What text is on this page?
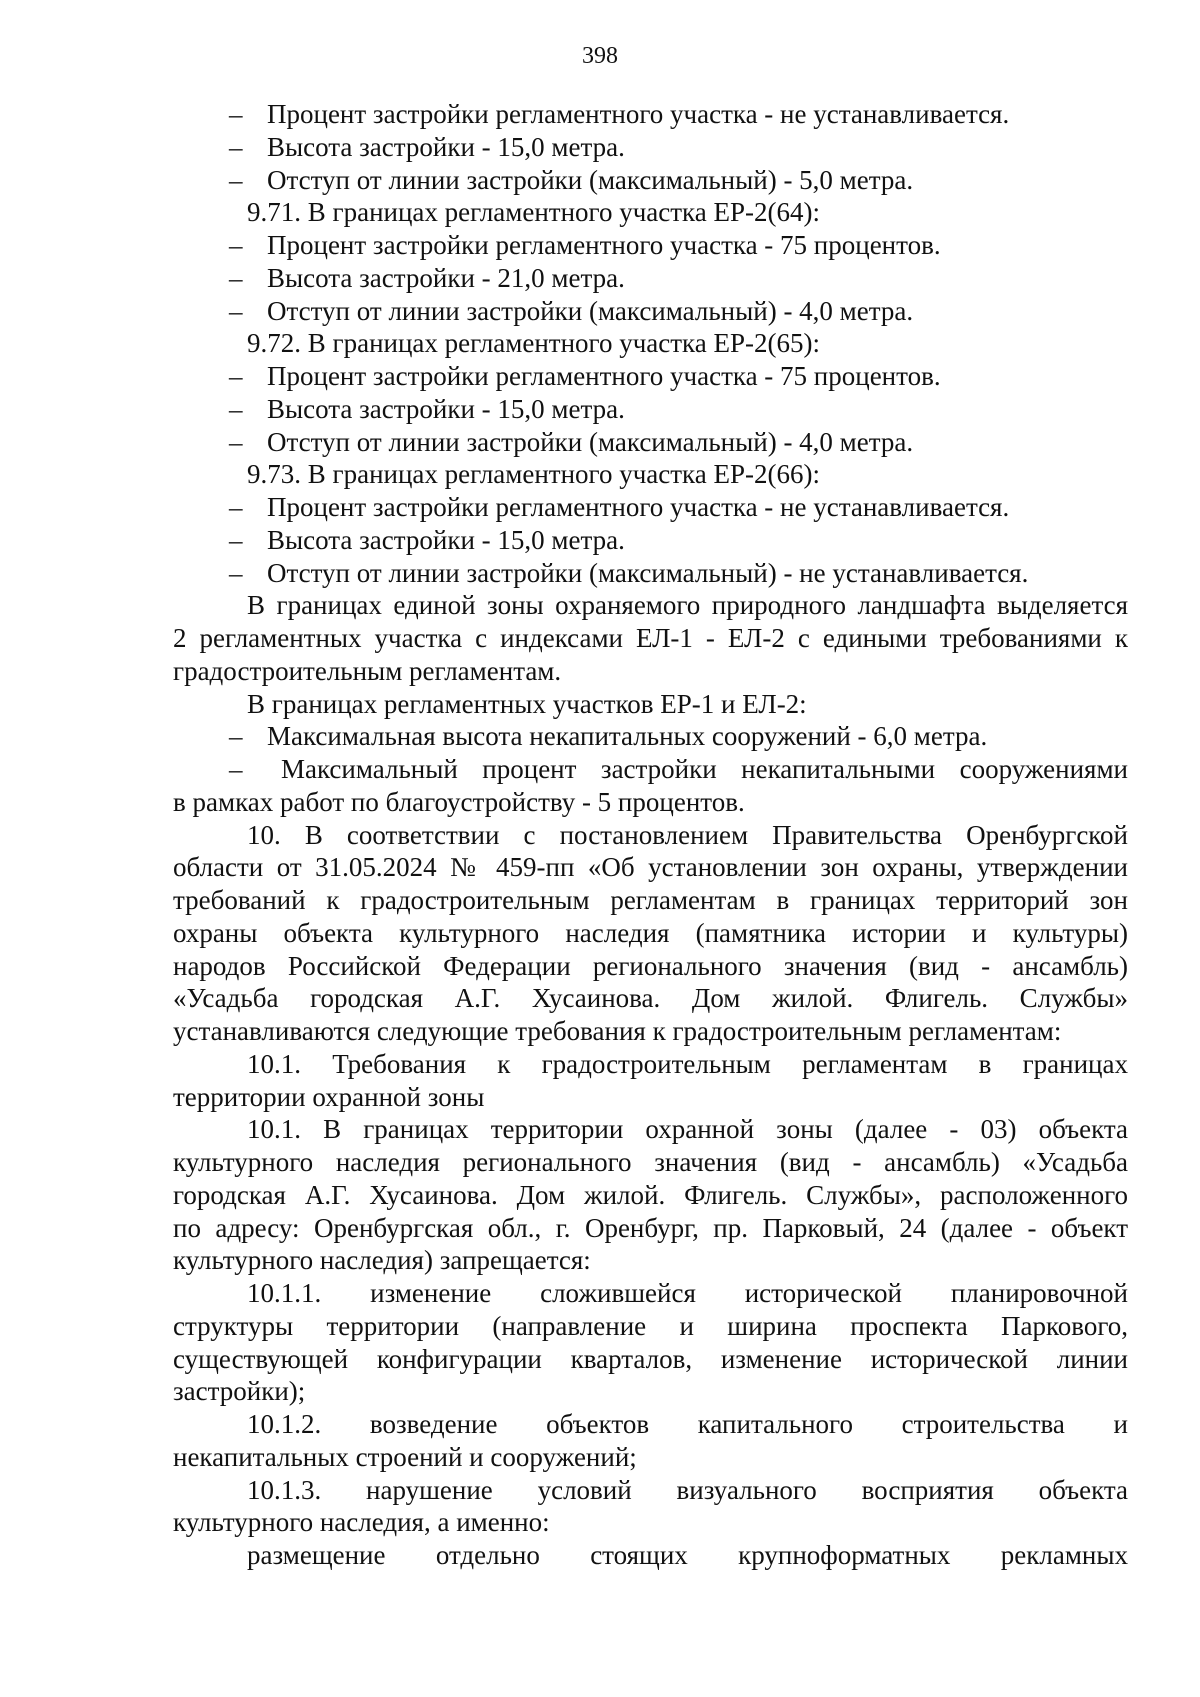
398
– Процент застройки регламентного участка - не устанавливается.
– Высота застройки - 15,0 метра.
– Отступ от линии застройки (максимальный) - 5,0 метра.
9.71. В границах регламентного участка ЕР-2(64):
– Процент застройки регламентного участка - 75 процентов.
– Высота застройки - 21,0 метра.
– Отступ от линии застройки (максимальный) - 4,0 метра.
9.72. В границах регламентного участка ЕР-2(65):
– Процент застройки регламентного участка - 75 процентов.
– Высота застройки - 15,0 метра.
– Отступ от линии застройки (максимальный) - 4,0 метра.
9.73. В границах регламентного участка ЕР-2(66):
– Процент застройки регламентного участка - не устанавливается.
– Высота застройки - 15,0 метра.
– Отступ от линии застройки (максимальный) - не устанавливается.
В границах единой зоны охраняемого природного ландшафта выделяется
2 регламентных участка с индексами ЕЛ-1 - ЕЛ-2 с едиными требованиями к
градостроительным регламентам.
В границах регламентных участков ЕР-1 и ЕЛ-2:
– Максимальная высота некапитальных сооружений - 6,0 метра.
–	Максимальный процент застройки некапитальными сооружениями
в рамках работ по благоустройству - 5 процентов.
10. В соответствии с постановлением Правительства Оренбургской
области от 31.05.2024 № 459-пп «Об установлении зон охраны, утверждении
требований к градостроительным регламентам в границах территорий зон
охраны объекта культурного наследия (памятника истории и культуры)
народов Российской Федерации регионального значения (вид - ансамбль)
«Усадьба городская А.Г. Хусаинова. Дом жилой. Флигель. Службы»
устанавливаются следующие требования к градостроительным регламентам:
10.1. Требования к градостроительным регламентам в границах
территории охранной зоны
10.1. В границах территории охранной зоны (далее - 03) объекта
культурного наследия регионального значения (вид - ансамбль) «Усадьба
городская А.Г. Хусаинова. Дом жилой. Флигель. Службы», расположенного
по адресу: Оренбургская обл., г. Оренбург, пр. Парковый, 24 (далее - объект
культурного наследия) запрещается:
10.1.1. изменение сложившейся исторической планировочной
структуры территории (направление и ширина проспекта Паркового,
существующей конфигурации кварталов, изменение исторической линии
застройки);
10.1.2. возведение объектов капитального строительства и
некапитальных строений и сооружений;
10.1.3. нарушение условий визуального восприятия объекта
культурного наследия, а именно:
размещение отдельно стоящих крупноформатных рекламных
